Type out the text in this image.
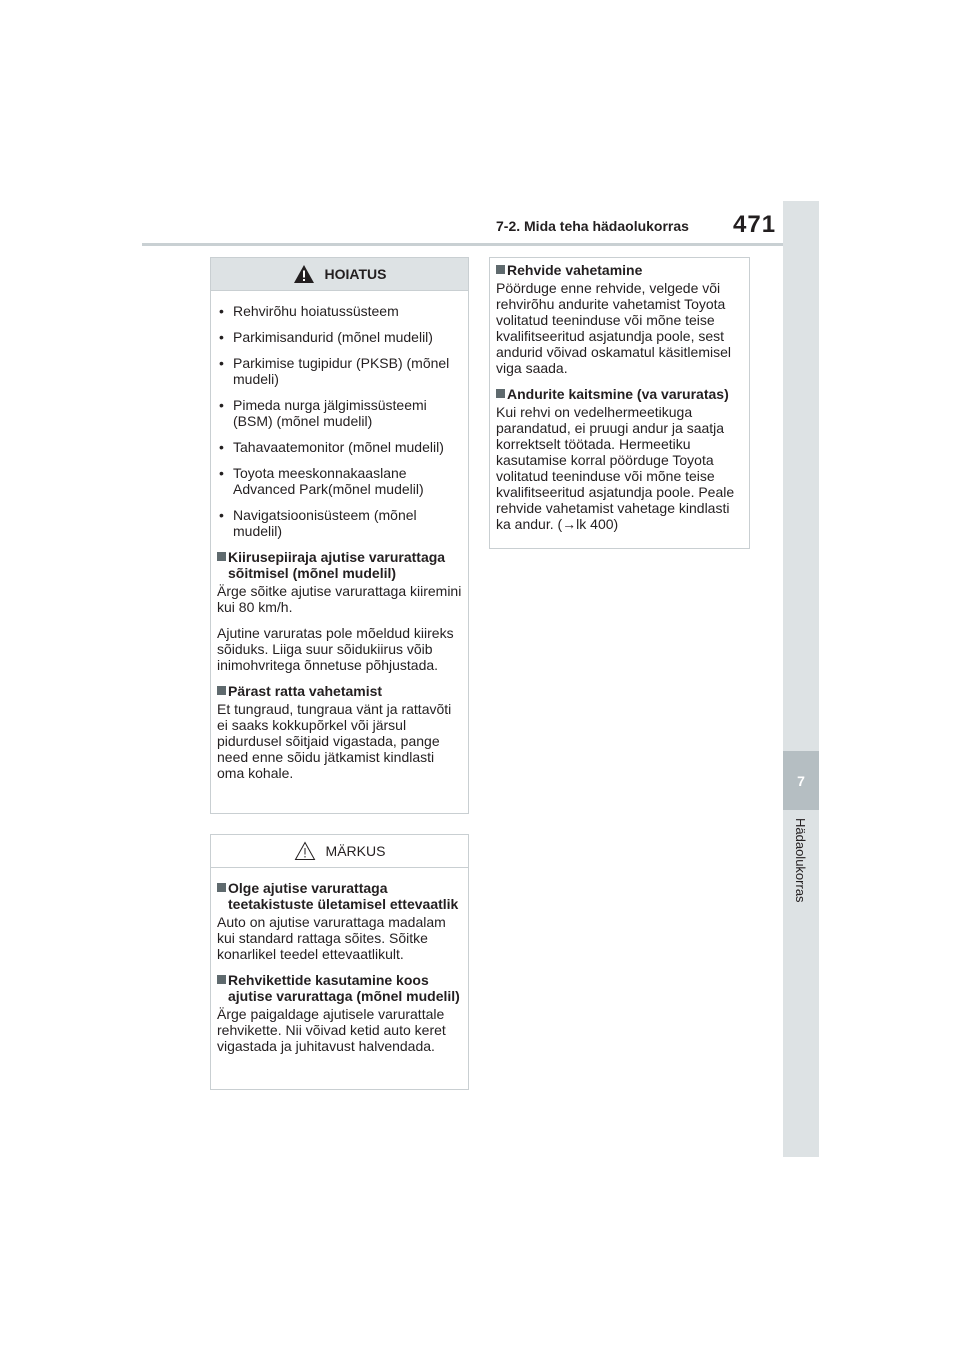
7-2. Mida teha hädaolukorras 471
7
Hädaolukorras
HOIATUS
• Rehvirõhu hoiatussüsteem
• Parkimisandurid (mõnel mudelil)
• Parkimise tugipidur (PKSB) (mõnel mudeli)
• Pimeda nurga jälgimissüsteemi (BSM) (mõnel mudelil)
• Tahavaatemonitor (mõnel mudelil)
• Toyota meeskonnakaaslane Advanced Park(mõnel mudelil)
• Navigatsioonisüsteem (mõnel mudelil)
Kiirusepiiraja ajutise varurattaga sõitmisel (mõnel mudelil)
Ärge sõitke ajutise varurattaga kiiremini kui 80 km/h.
Ajutine varuratas pole mõeldud kiireks sõiduks. Liiga suur sõidukiirus võib inimohvritega õnnetuse põhjustada.
Pärast ratta vahetamist
Et tungraud, tungraua vänt ja rattavõti ei saaks kokkupõrkel või järsul pidurdusel sõitjaid vigastada, pange need enne sõidu jätkamist kindlasti oma kohale.
MÄRKUS
Olge ajutise varurattaga teetakistuste ületamisel ettevaatlik
Auto on ajutise varurattaga madalam kui standard rattaga sõites. Sõitke konarlikel teedel ettevaatlikult.
Rehvikettide kasutamine koos ajutise varurattaga (mõnel mudelil)
Ärge paigaldage ajutisele varurattale rehvikette. Nii võivad ketid auto keret vigastada ja juhitavust halvendada.
Rehvide vahetamine
Pöörduge enne rehvide, velgede või rehvirõhu andurite vahetamist Toyota volitatud teeninduse või mõne teise kvalifitseeritud asjatundja poole, sest andurid võivad oskamatul käsitlemisel viga saada.
Andurite kaitsmine (va varuratas)
Kui rehvi on vedelhermeetikuga parandatud, ei pruugi andur ja saatja korrektselt töötada. Hermeetiku kasutamise korral pöörduge Toyota volitatud teeninduse või mõne teise kvalifitseeritud asjatundja poole. Peale rehvide vahetamist vahetage kindlasti ka andur. (→lk 400)
